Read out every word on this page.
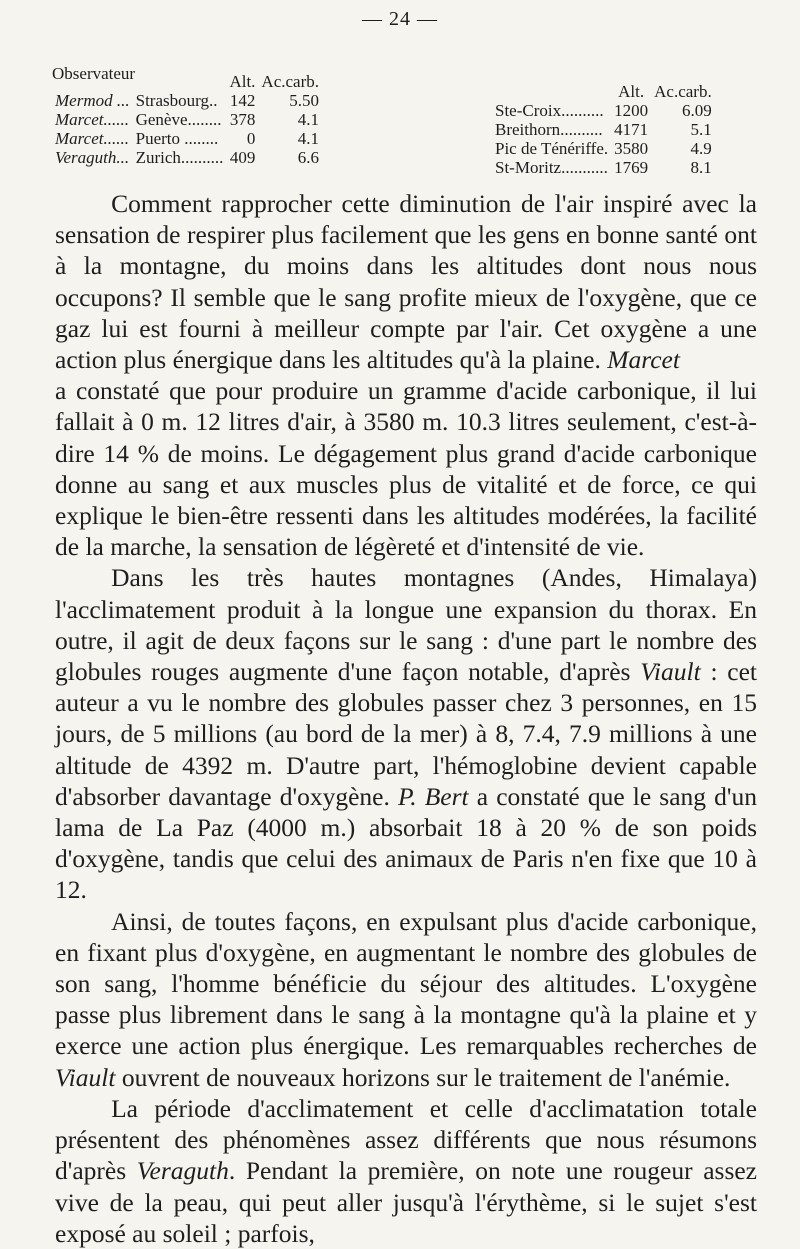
— 24 —
Observateur
			Alt.	Ac.carb.
Mermod ...	Strasbourg..	142	5.50
Marcet......	Genève........	378	4.1
Marcet......	Puerto ........	0	4.1
Veraguth...	Zurich..........	409	6.6
	Alt.	Ac.carb.
Ste-Croix..........	1200	6.09
Breithorn..........	4171	5.1
Pic de Ténériffe.	3580	4.9
St-Moritz...........	1769	8.1

Comment rapprocher cette diminution de l'air inspiré avec la sensation de respirer plus facilement que les gens en bonne santé ont à la montagne, du moins dans les altitudes dont nous nous occupons? Il semble que le sang profite mieux de l'oxygène, que ce gaz lui est fourni à meilleur compte par l'air. Cet oxygène a une action plus énergique dans les altitudes qu'à la plaine. Marcet

a constaté que pour produire un gramme d'acide carbonique, il lui fallait à 0 m. 12 litres d'air, à 3580 m. 10.3 litres seulement, c'est-à-dire 14 % de moins. Le dégagement plus grand d'acide carbonique donne au sang et aux muscles plus de vitalité et de force, ce qui explique le bien-être ressenti dans les altitudes modérées, la facilité de la marche, la sensation de légèreté et d'intensité de vie.

Dans les très hautes montagnes (Andes, Himalaya) l'acclimatement produit à la longue une expansion du thorax. En outre, il agit de deux façons sur le sang : d'une part le nombre des globules rouges augmente d'une façon notable, d'après Viault : cet auteur a vu le nombre des globules passer chez 3 personnes, en 15 jours, de 5 millions (au bord de la mer) à 8, 7.4, 7.9 millions à une altitude de 4392 m. D'autre part, l'hémoglobine devient capable d'absorber davantage d'oxygène. P. Bert a constaté que le sang d'un lama de La Paz (4000 m.) absorbait 18 à 20 % de son poids d'oxygène, tandis que celui des animaux de Paris n'en fixe que 10 à 12.

Ainsi, de toutes façons, en expulsant plus d'acide carbonique, en fixant plus d'oxygène, en augmentant le nombre des globules de son sang, l'homme bénéficie du séjour des altitudes. L'oxygène passe plus librement dans le sang à la montagne qu'à la plaine et y exerce une action plus énergique. Les remarquables recherches de Viault ouvrent de nouveaux horizons sur le traitement de l'anémie.

La période d'acclimatement et celle d'acclimatation totale présentent des phénomènes assez différents que nous résumons d'après Veraguth. Pendant la première, on note une rougeur assez vive de la peau, qui peut aller jusqu'à l'érythème, si le sujet s'est exposé au soleil ; parfois,
